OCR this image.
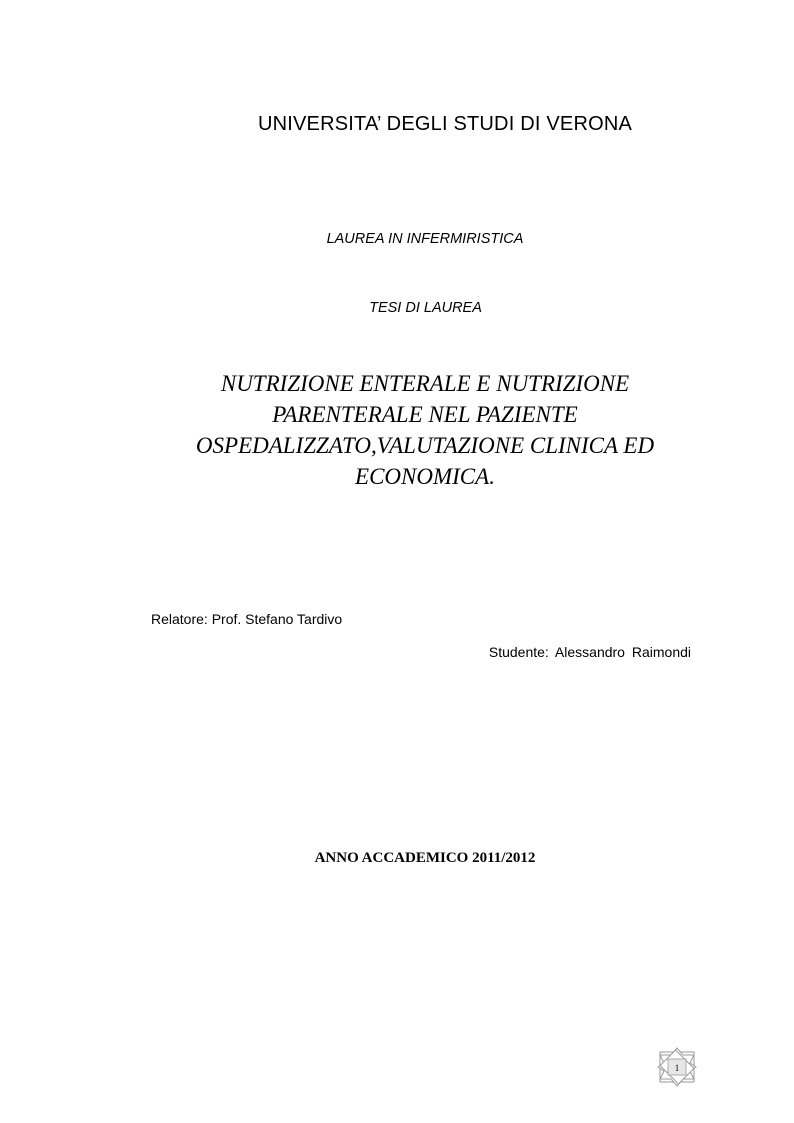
UNIVERSITA’ DEGLI STUDI DI VERONA
LAUREA IN INFERMIRISTICA
TESI DI LAUREA
NUTRIZIONE ENTERALE E NUTRIZIONE
PARENTERALE NEL PAZIENTE
OSPEDALIZZATO,VALUTAZIONE CLINICA ED
ECONOMICA.
Relatore: Prof. Stefano Tardivo
Studente: Alessandro Raimondi
ANNO ACCADEMICO 2011/2012
1
